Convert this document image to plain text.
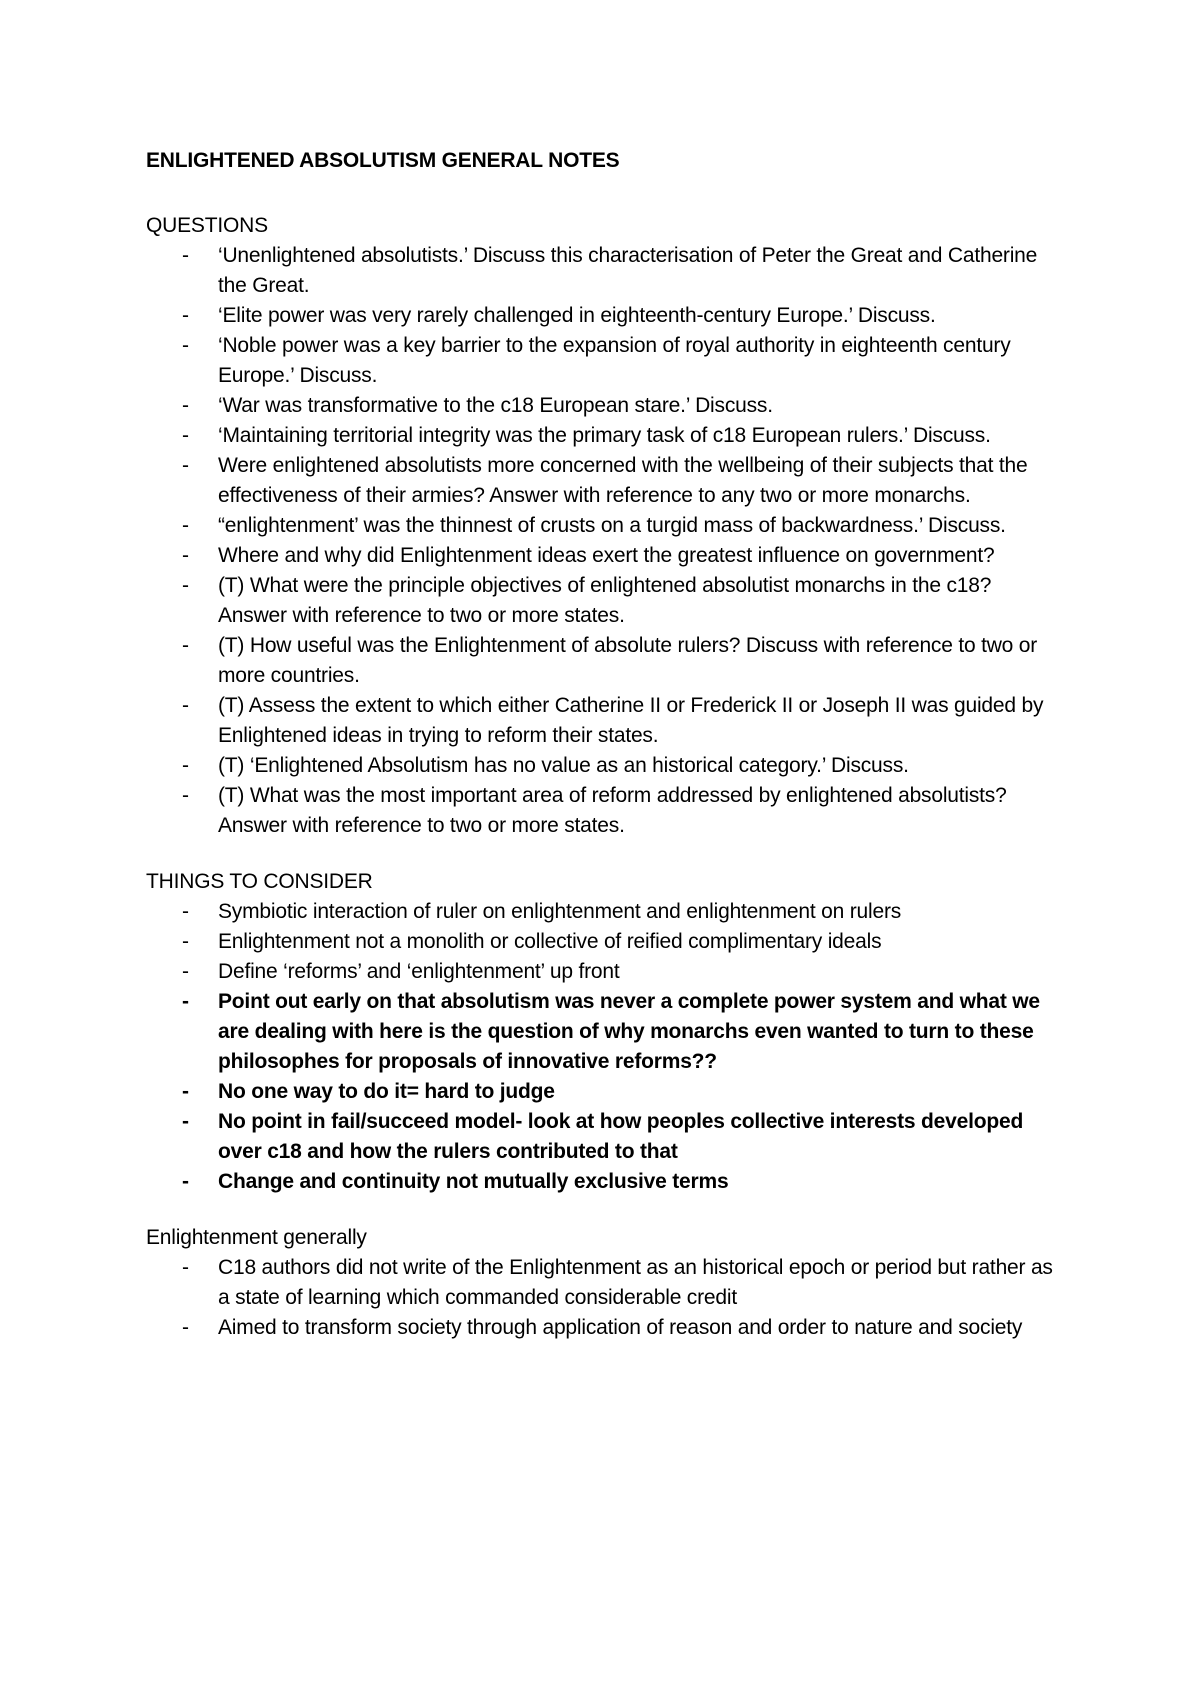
ENLIGHTENED ABSOLUTISM GENERAL NOTES
QUESTIONS
- ‘Unenlightened absolutists.’ Discuss this characterisation of Peter the Great and Catherine the Great.
- ‘Elite power was very rarely challenged in eighteenth-century Europe.’ Discuss.
- ‘Noble power was a key barrier to the expansion of royal authority in eighteenth century Europe.’ Discuss.
- ‘War was transformative to the c18 European stare.’ Discuss.
- ‘Maintaining territorial integrity was the primary task of c18 European rulers.’ Discuss.
- Were enlightened absolutists more concerned with the wellbeing of their subjects that the effectiveness of their armies? Answer with reference to any two or more monarchs.
- “enlightenment’ was the thinnest of crusts on a turgid mass of backwardness.’ Discuss.
- Where and why did Enlightenment ideas exert the greatest influence on government?
- (T) What were the principle objectives of enlightened absolutist monarchs in the c18? Answer with reference to two or more states.
- (T) How useful was the Enlightenment of absolute rulers? Discuss with reference to two or more countries.
- (T) Assess the extent to which either Catherine II or Frederick II or Joseph II was guided by Enlightened ideas in trying to reform their states.
- (T) ‘Enlightened Absolutism has no value as an historical category.’ Discuss.
- (T) What was the most important area of reform addressed by enlightened absolutists? Answer with reference to two or more states.
THINGS TO CONSIDER
- Symbiotic interaction of ruler on enlightenment and enlightenment on rulers
- Enlightenment not a monolith or collective of reified complimentary ideals
- Define ‘reforms’ and ‘enlightenment’ up front
- Point out early on that absolutism was never a complete power system and what we are dealing with here is the question of why monarchs even wanted to turn to these philosophes for proposals of innovative reforms??
- No one way to do it= hard to judge
- No point in fail/succeed model- look at how peoples collective interests developed over c18 and how the rulers contributed to that
- Change and continuity not mutually exclusive terms
Enlightenment generally
- C18 authors did not write of the Enlightenment as an historical epoch or period but rather as a state of learning which commanded considerable credit
- Aimed to transform society through application of reason and order to nature and society
